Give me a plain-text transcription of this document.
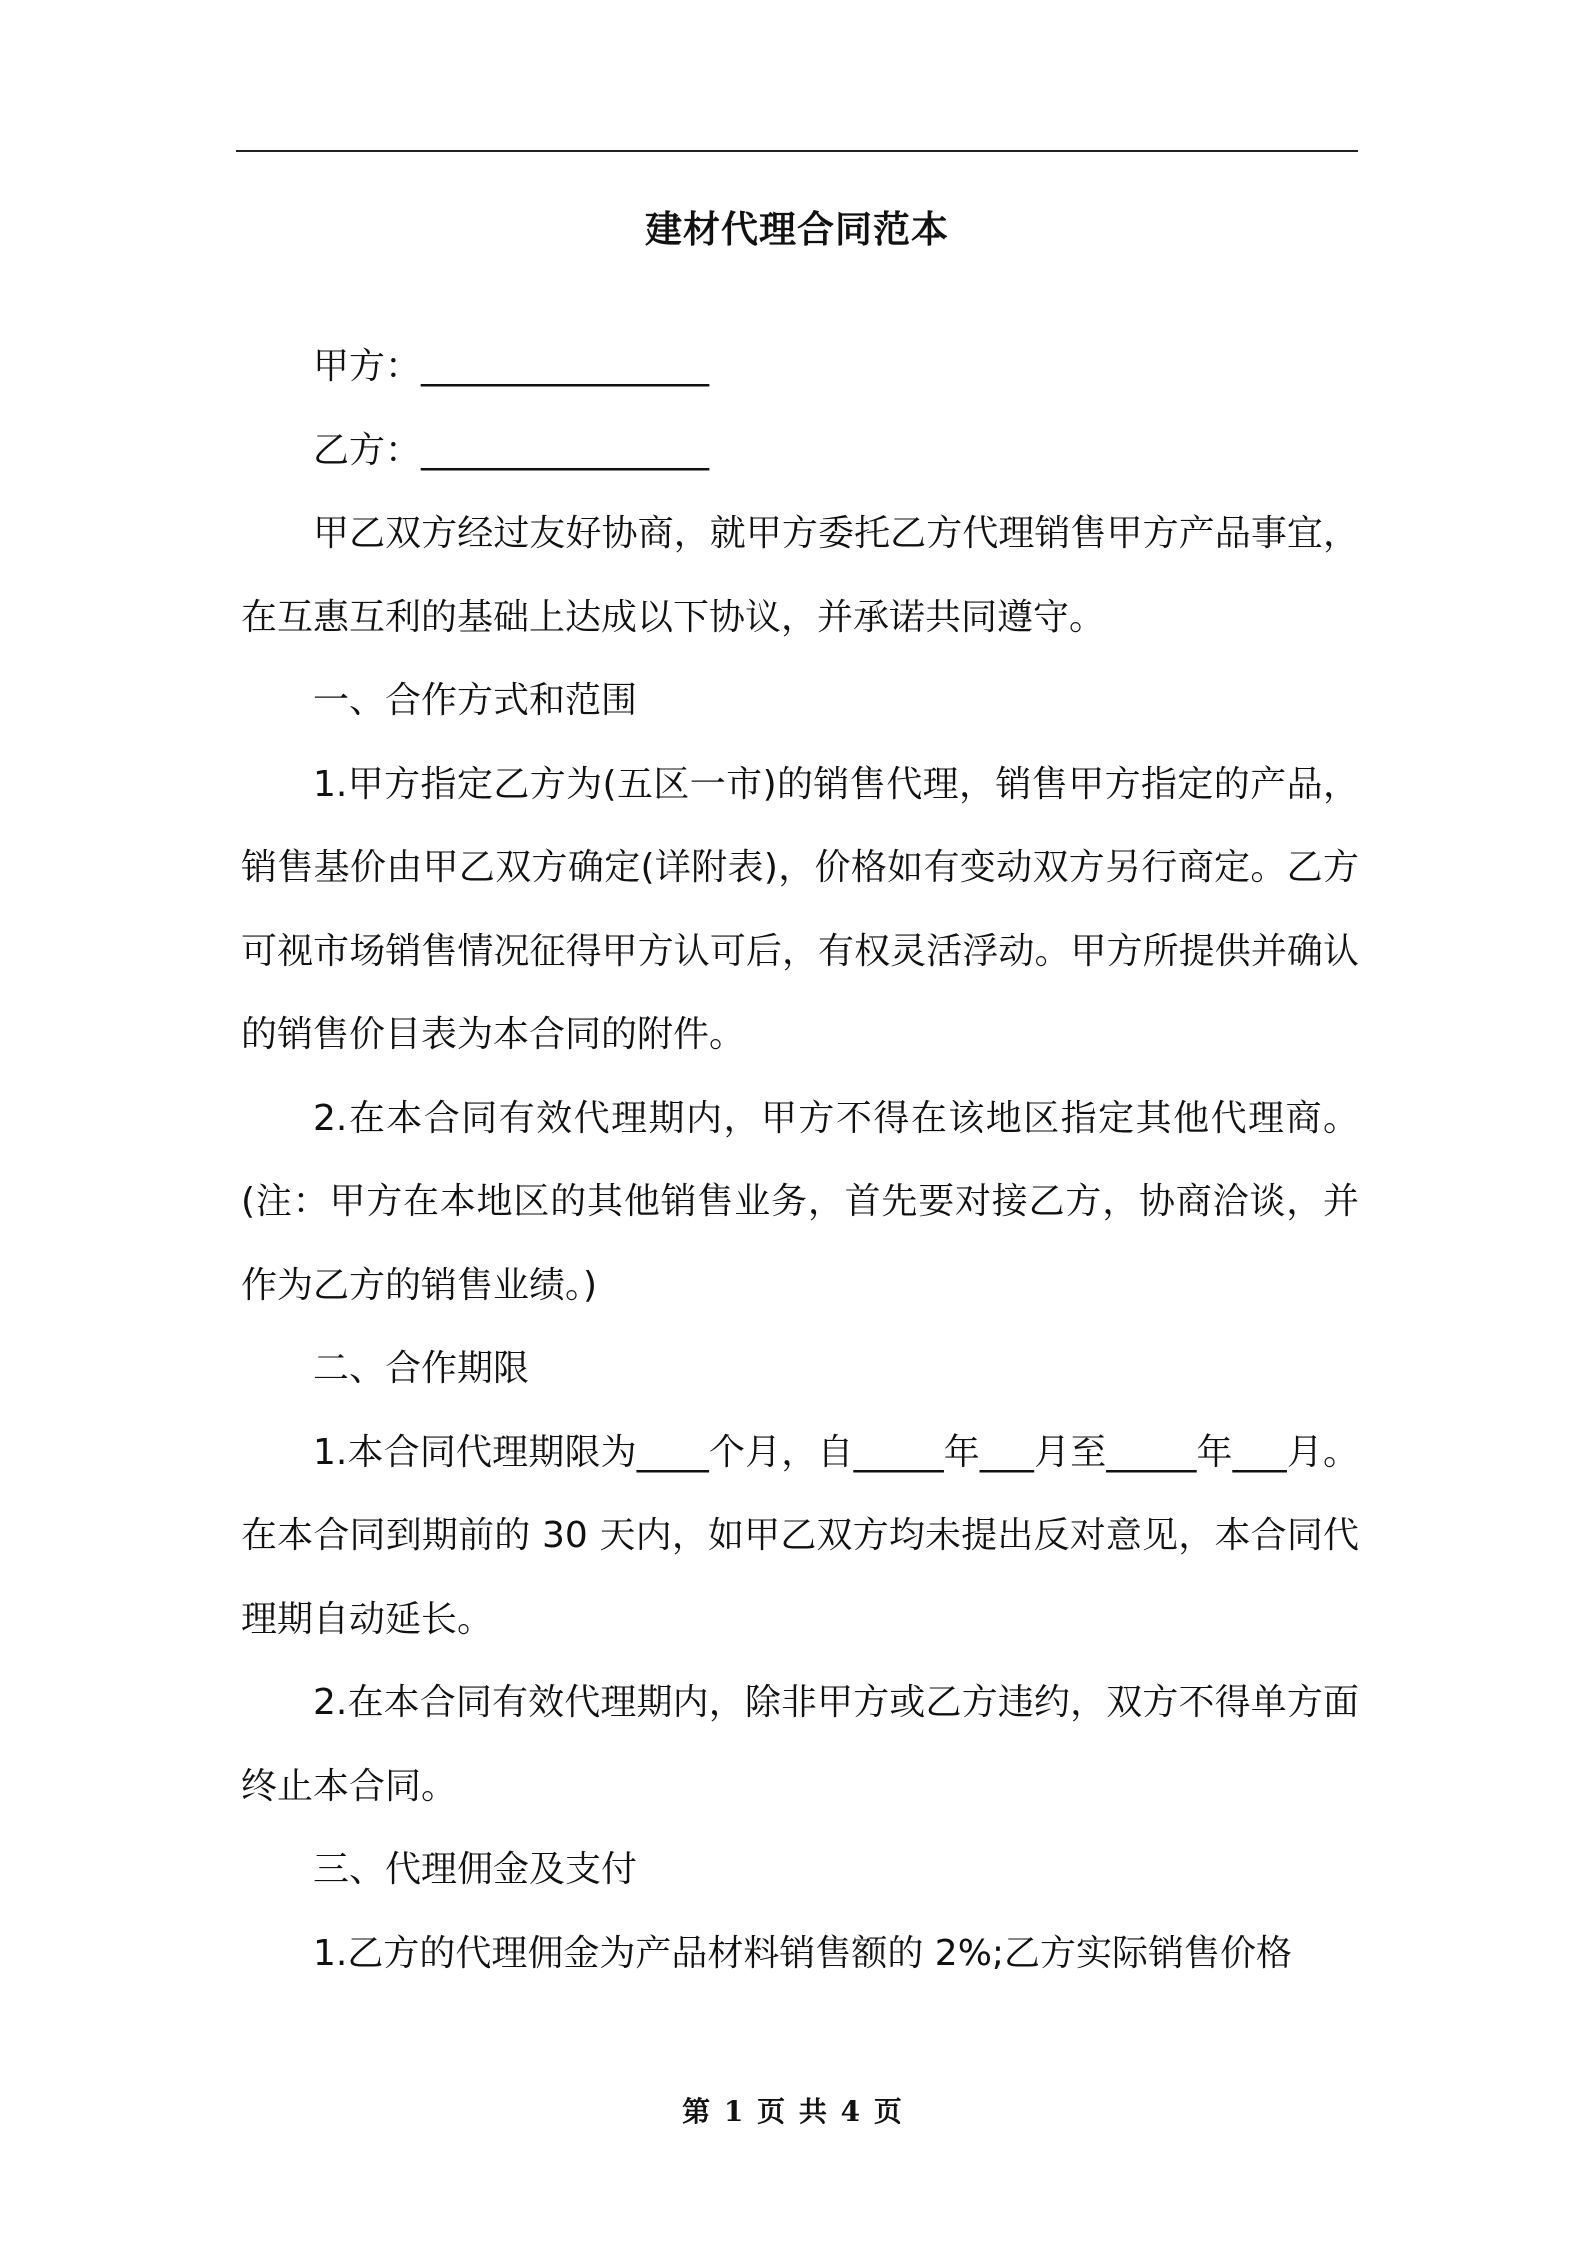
建材代理合同范本

甲方：________________

乙方：________________

甲乙双方经过友好协商，就甲方委托乙方代理销售甲方产品事宜，在互惠互利的基础上达成以下协议，并承诺共同遵守。

一、合作方式和范围

1.甲方指定乙方为(五区一市)的销售代理，销售甲方指定的产品，销售基价由甲乙双方确定(详附表)，价格如有变动双方另行商定。乙方可视市场销售情况征得甲方认可后，有权灵活浮动。甲方所提供并确认的销售价目表为本合同的附件。

2.在本合同有效代理期内，甲方不得在该地区指定其他代理商。(注：甲方在本地区的其他销售业务，首先要对接乙方，协商洽谈，并作为乙方的销售业绩。)

二、合作期限

1.本合同代理期限为____个月，自_____年___月至_____年___月。在本合同到期前的 30 天内，如甲乙双方均未提出反对意见，本合同代理期自动延长。

2.在本合同有效代理期内，除非甲方或乙方违约，双方不得单方面终止本合同。

三、代理佣金及支付

1.乙方的代理佣金为产品材料销售额的 2%;乙方实际销售价格

第 1 页 共 4 页
